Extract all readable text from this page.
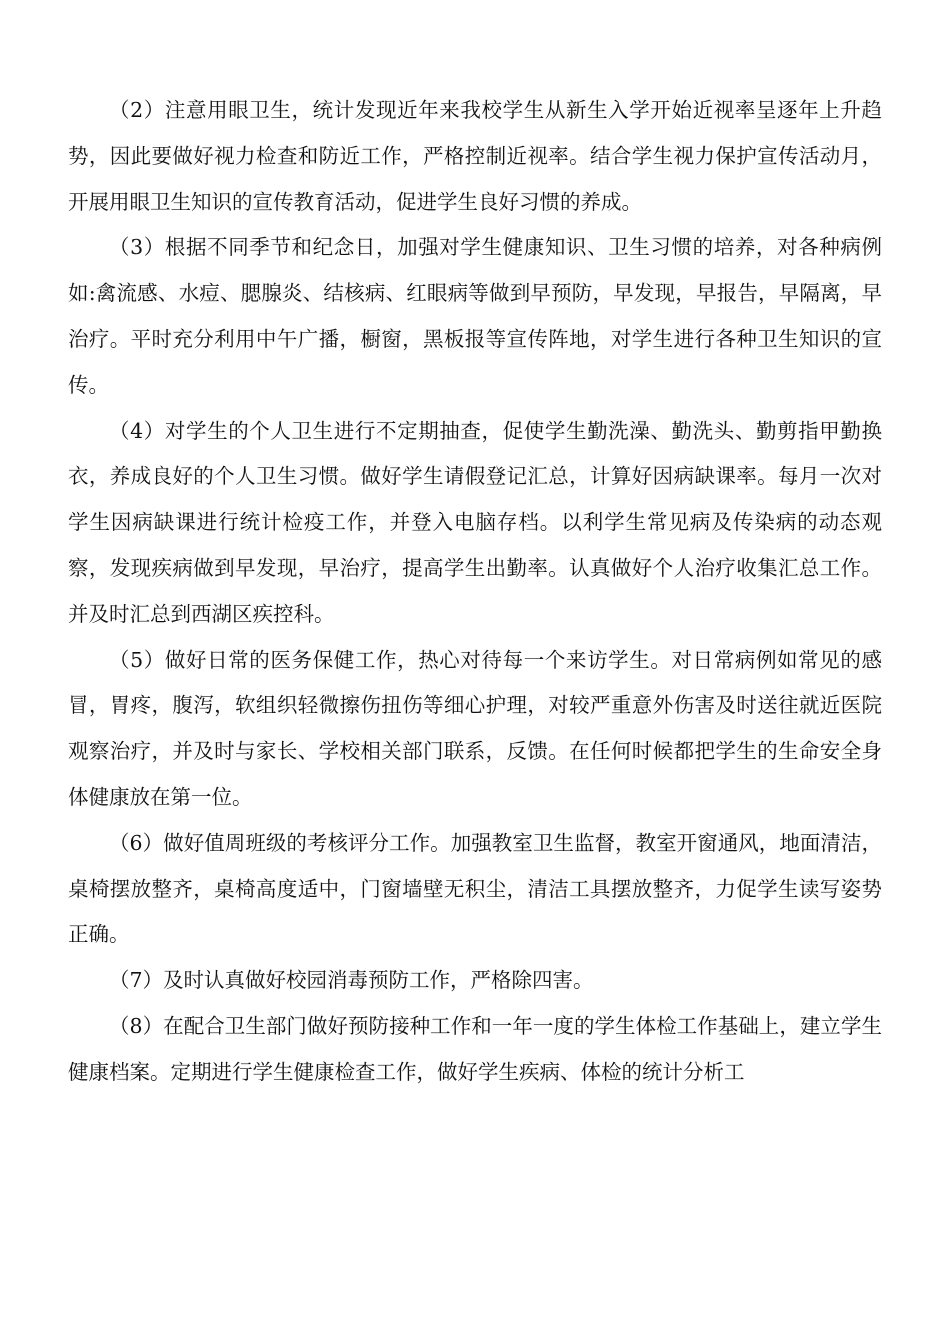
（2）注意用眼卫生，统计发现近年来我校学生从新生入学开始近视率呈逐年上升趋势，因此要做好视力检查和防近工作，严格控制近视率。结合学生视力保护宣传活动月，开展用眼卫生知识的宣传教育活动，促进学生良好习惯的养成。

（3）根据不同季节和纪念日，加强对学生健康知识、卫生习惯的培养，对各种病例如:禽流感、水痘、腮腺炎、结核病、红眼病等做到早预防，早发现，早报告，早隔离，早治疗。平时充分利用中午广播，橱窗，黑板报等宣传阵地，对学生进行各种卫生知识的宣传。

（4）对学生的个人卫生进行不定期抽查，促使学生勤洗澡、勤洗头、勤剪指甲勤换衣，养成良好的个人卫生习惯。做好学生请假登记汇总，计算好因病缺课率。每月一次对学生因病缺课进行统计检疫工作，并登入电脑存档。以利学生常见病及传染病的动态观察，发现疾病做到早发现，早治疗，提高学生出勤率。认真做好个人治疗收集汇总工作。并及时汇总到西湖区疾控科。

（5）做好日常的医务保健工作，热心对待每一个来访学生。对日常病例如常见的感冒，胃疼，腹泻，软组织轻微擦伤扭伤等细心护理，对较严重意外伤害及时送往就近医院观察治疗，并及时与家长、学校相关部门联系，反馈。在任何时候都把学生的生命安全身体健康放在第一位。

（6）做好值周班级的考核评分工作。加强教室卫生监督，教室开窗通风，地面清洁，桌椅摆放整齐，桌椅高度适中，门窗墙壁无积尘，清洁工具摆放整齐，力促学生读写姿势正确。

（7）及时认真做好校园消毒预防工作，严格除四害。

（8）在配合卫生部门做好预防接种工作和一年一度的学生体检工作基础上，建立学生健康档案。定期进行学生健康检查工作，做好学生疾病、体检的统计分析工
